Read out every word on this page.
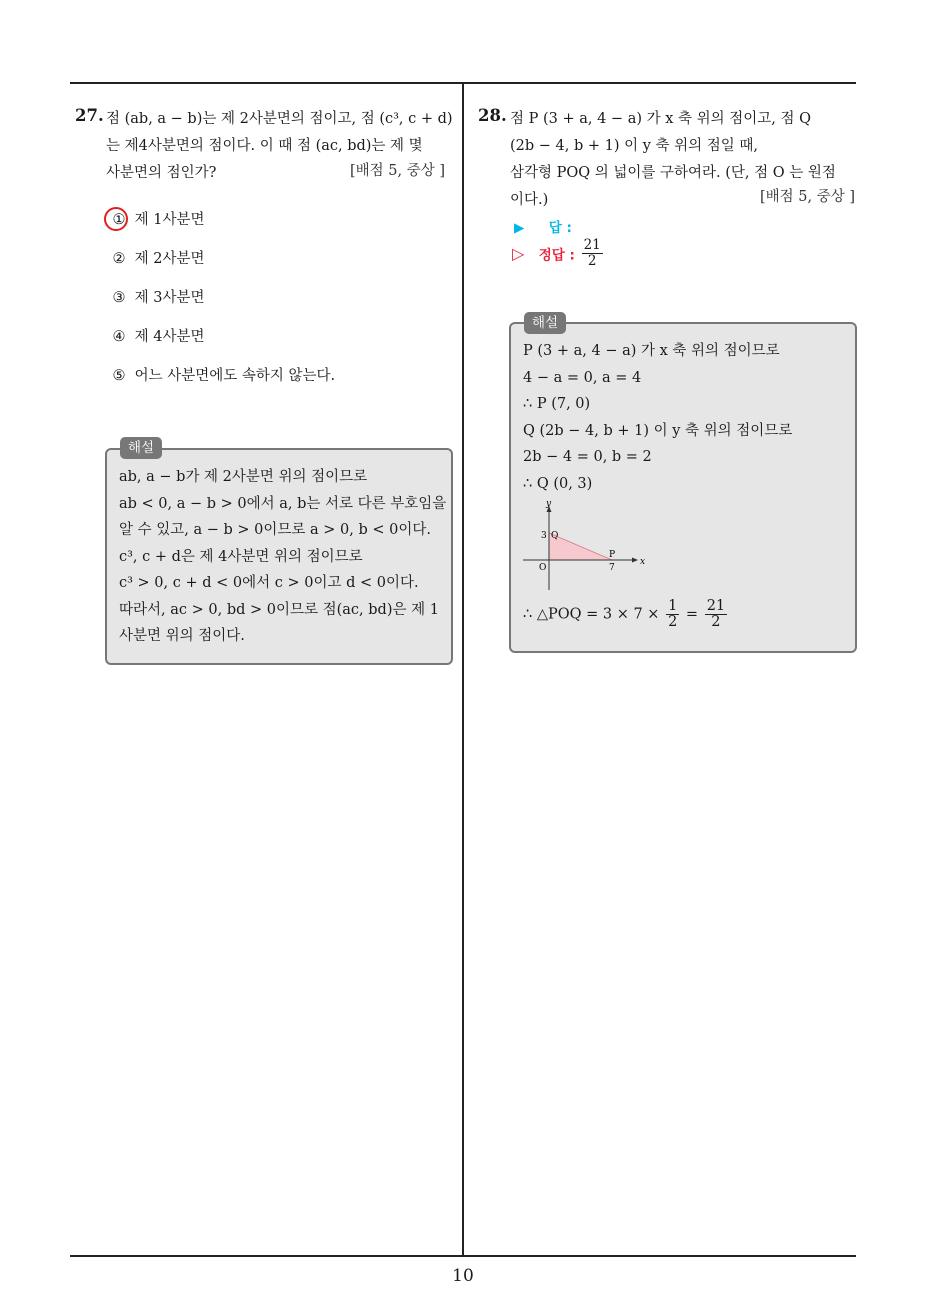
27. 점 (ab, a − b)는 제 2사분면의 점이고, 점 (c³, c + d)
는 제4사분면의 점이다. 이 때 점 (ac, bd)는 제 몇
사분면의 점인가?	[배점 5, 중상 ]
① 제 1사분면
② 제 2사분면
③ 제 3사분면
④ 제 4사분면
⑤ 어느 사분면에도 속하지 않는다.
ab, a − b가 제 2사분면 위의 점이므로
ab < 0, a − b > 0에서 a, b는 서로 다른 부호임을
알 수 있고, a − b > 0이므로 a > 0, b < 0이다.
c³, c + d은 제 4사분면 위의 점이므로
c³ > 0, c + d < 0에서 c > 0이고 d < 0이다.
따라서, ac > 0, bd > 0이므로 점(ac, bd)은 제 1
사분면 위의 점이다.
해설
28. 점 P (3 + a, 4 − a) 가 x 축 위의 점이고, 점 Q
(2b − 4, b + 1) 이 y 축 위의 점일 때,
삼각형 POQ 의 넓이를 구하여라. (단, 점 O 는 원점
이다.)	[배점 5, 중상 ]
▶ 답 :
▷ 정답 : $\frac{21}{2}$
P (3 + a, 4 − a) 가 x 축 위의 점이므로
4 − a = 0, a = 4
∴ P (7, 0)
Q (2b − 4, b + 1) 이 y 축 위의 점이므로
2b − 4 = 0, b = 2
∴ Q (0, 3)
x
y
3 Q
P
7
O
∴ △POQ = $3 \times 7 \times \frac{1}{2} = \frac{21}{2}$
해설
10
